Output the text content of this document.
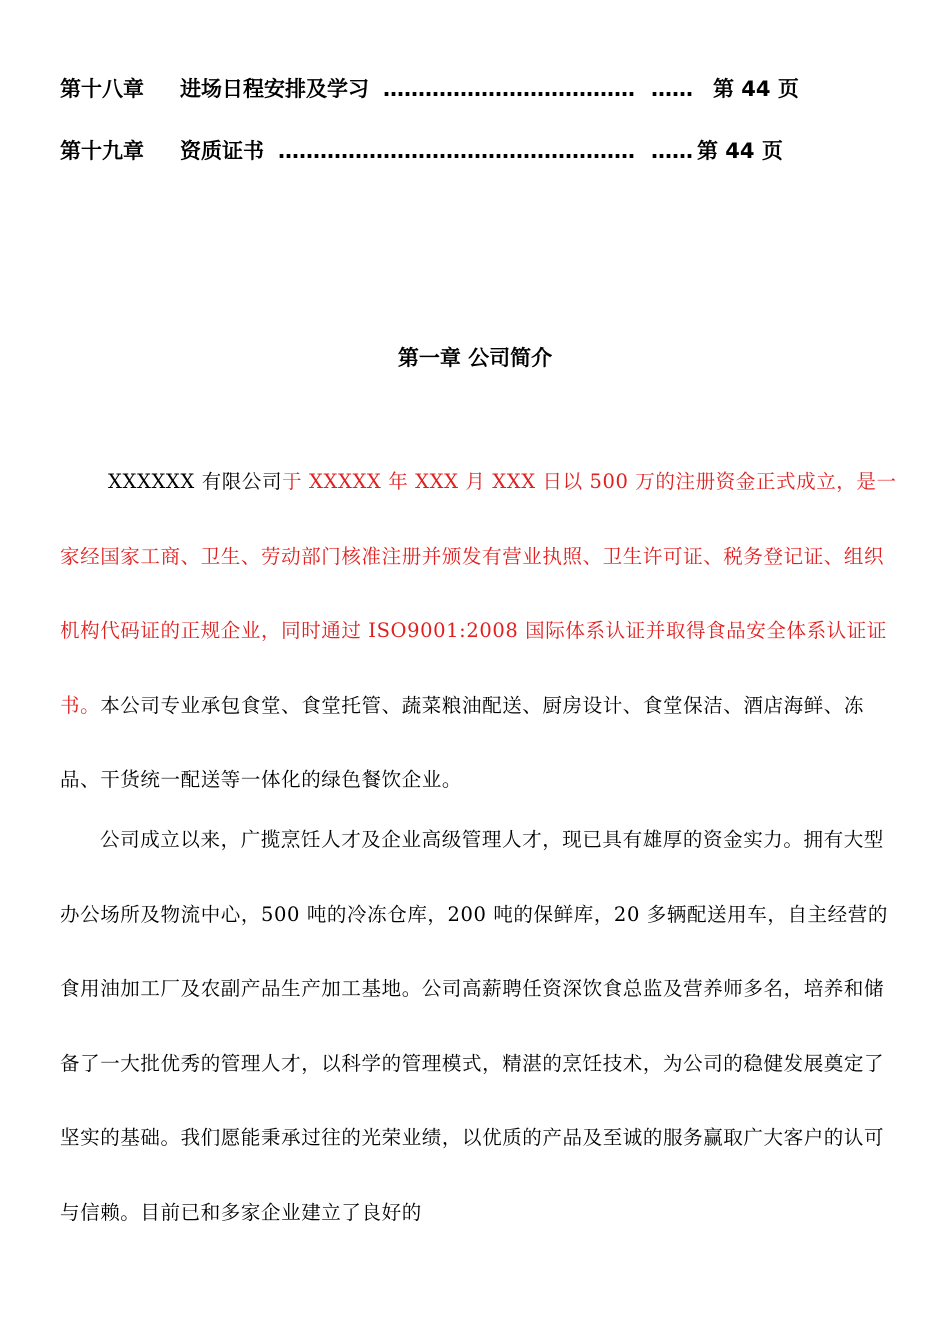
第十八章 进场日程安排及学习 ……………………………… …… 第 44 页
第十九章 资质证书 …………………………………………… …… 第 44 页
第一章 公司简介

XXXXXX 有限公司于 XXXXX 年 XXX 月 XXX 日以 500 万的注册资金正式成立，是一家经国家工商、卫生、劳动部门核准注册并颁发有营业执照、卫生许可证、税务登记证、组织机构代码证的正规企业，同时通过 ISO9001:2008 国际体系认证并取得食品安全体系认证证书。本公司专业承包食堂、食堂托管、蔬菜粮油配送、厨房设计、食堂保洁、酒店海鲜、冻品、干货统一配送等一体化的绿色餐饮企业。

公司成立以来，广揽烹饪人才及企业高级管理人才，现已具有雄厚的资金实力。拥有大型办公场所及物流中心，500 吨的冷冻仓库，200 吨的保鲜库，20 多辆配送用车，自主经营的食用油加工厂及农副产品生产加工基地。公司高薪聘任资深饮食总监及营养师多名，培养和储备了一大批优秀的管理人才，以科学的管理模式，精湛的烹饪技术，为公司的稳健发展奠定了坚实的基础。我们愿能秉承过往的光荣业绩，以优质的产品及至诚的服务赢取广大客户的认可与信赖。目前已和多家企业建立了良好的
